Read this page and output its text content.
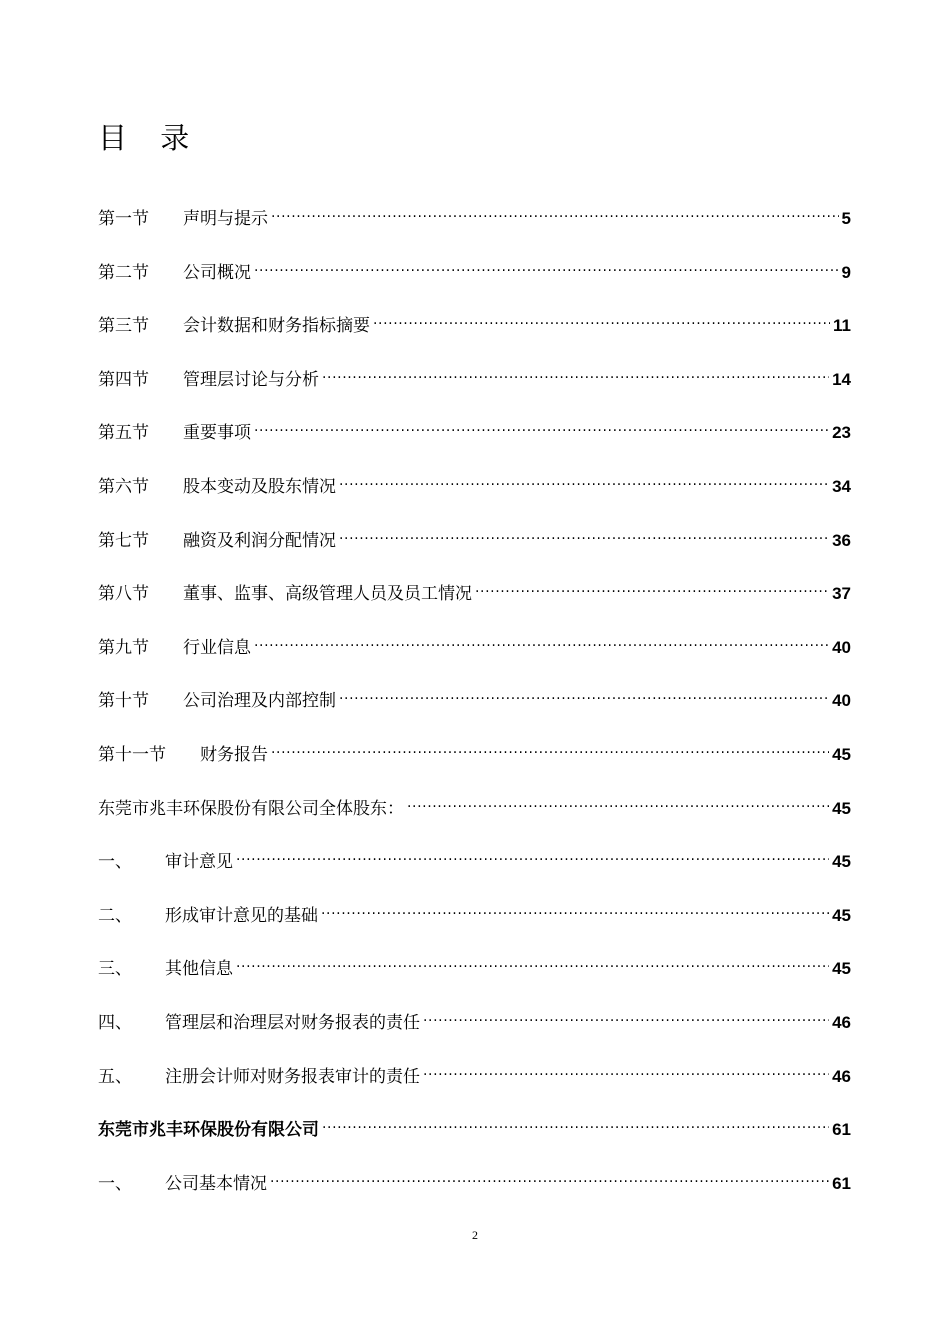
目 录
第一节	声明与提示 .....	5
第二节	公司概况 .....	9
第三节	会计数据和财务指标摘要 .....	11
第四节	管理层讨论与分析 .....	14
第五节	重要事项 .....	23
第六节	股本变动及股东情况 .....	34
第七节	融资及利润分配情况 .....	36
第八节	董事、监事、高级管理人员及员工情况 .....	37
第九节	行业信息 .....	40
第十节	公司治理及内部控制 .....	40
第十一节	财务报告 .....	45
东莞市兆丰环保股份有限公司全体股东： .....	45
一、	审计意见 .....	45
二、	形成审计意见的基础 .....	45
三、	其他信息 .....	45
四、	管理层和治理层对财务报表的责任 .....	46
五、	注册会计师对财务报表审计的责任 .....	46
东莞市兆丰环保股份有限公司 .....	61
一、	公司基本情况 .....	61
2
